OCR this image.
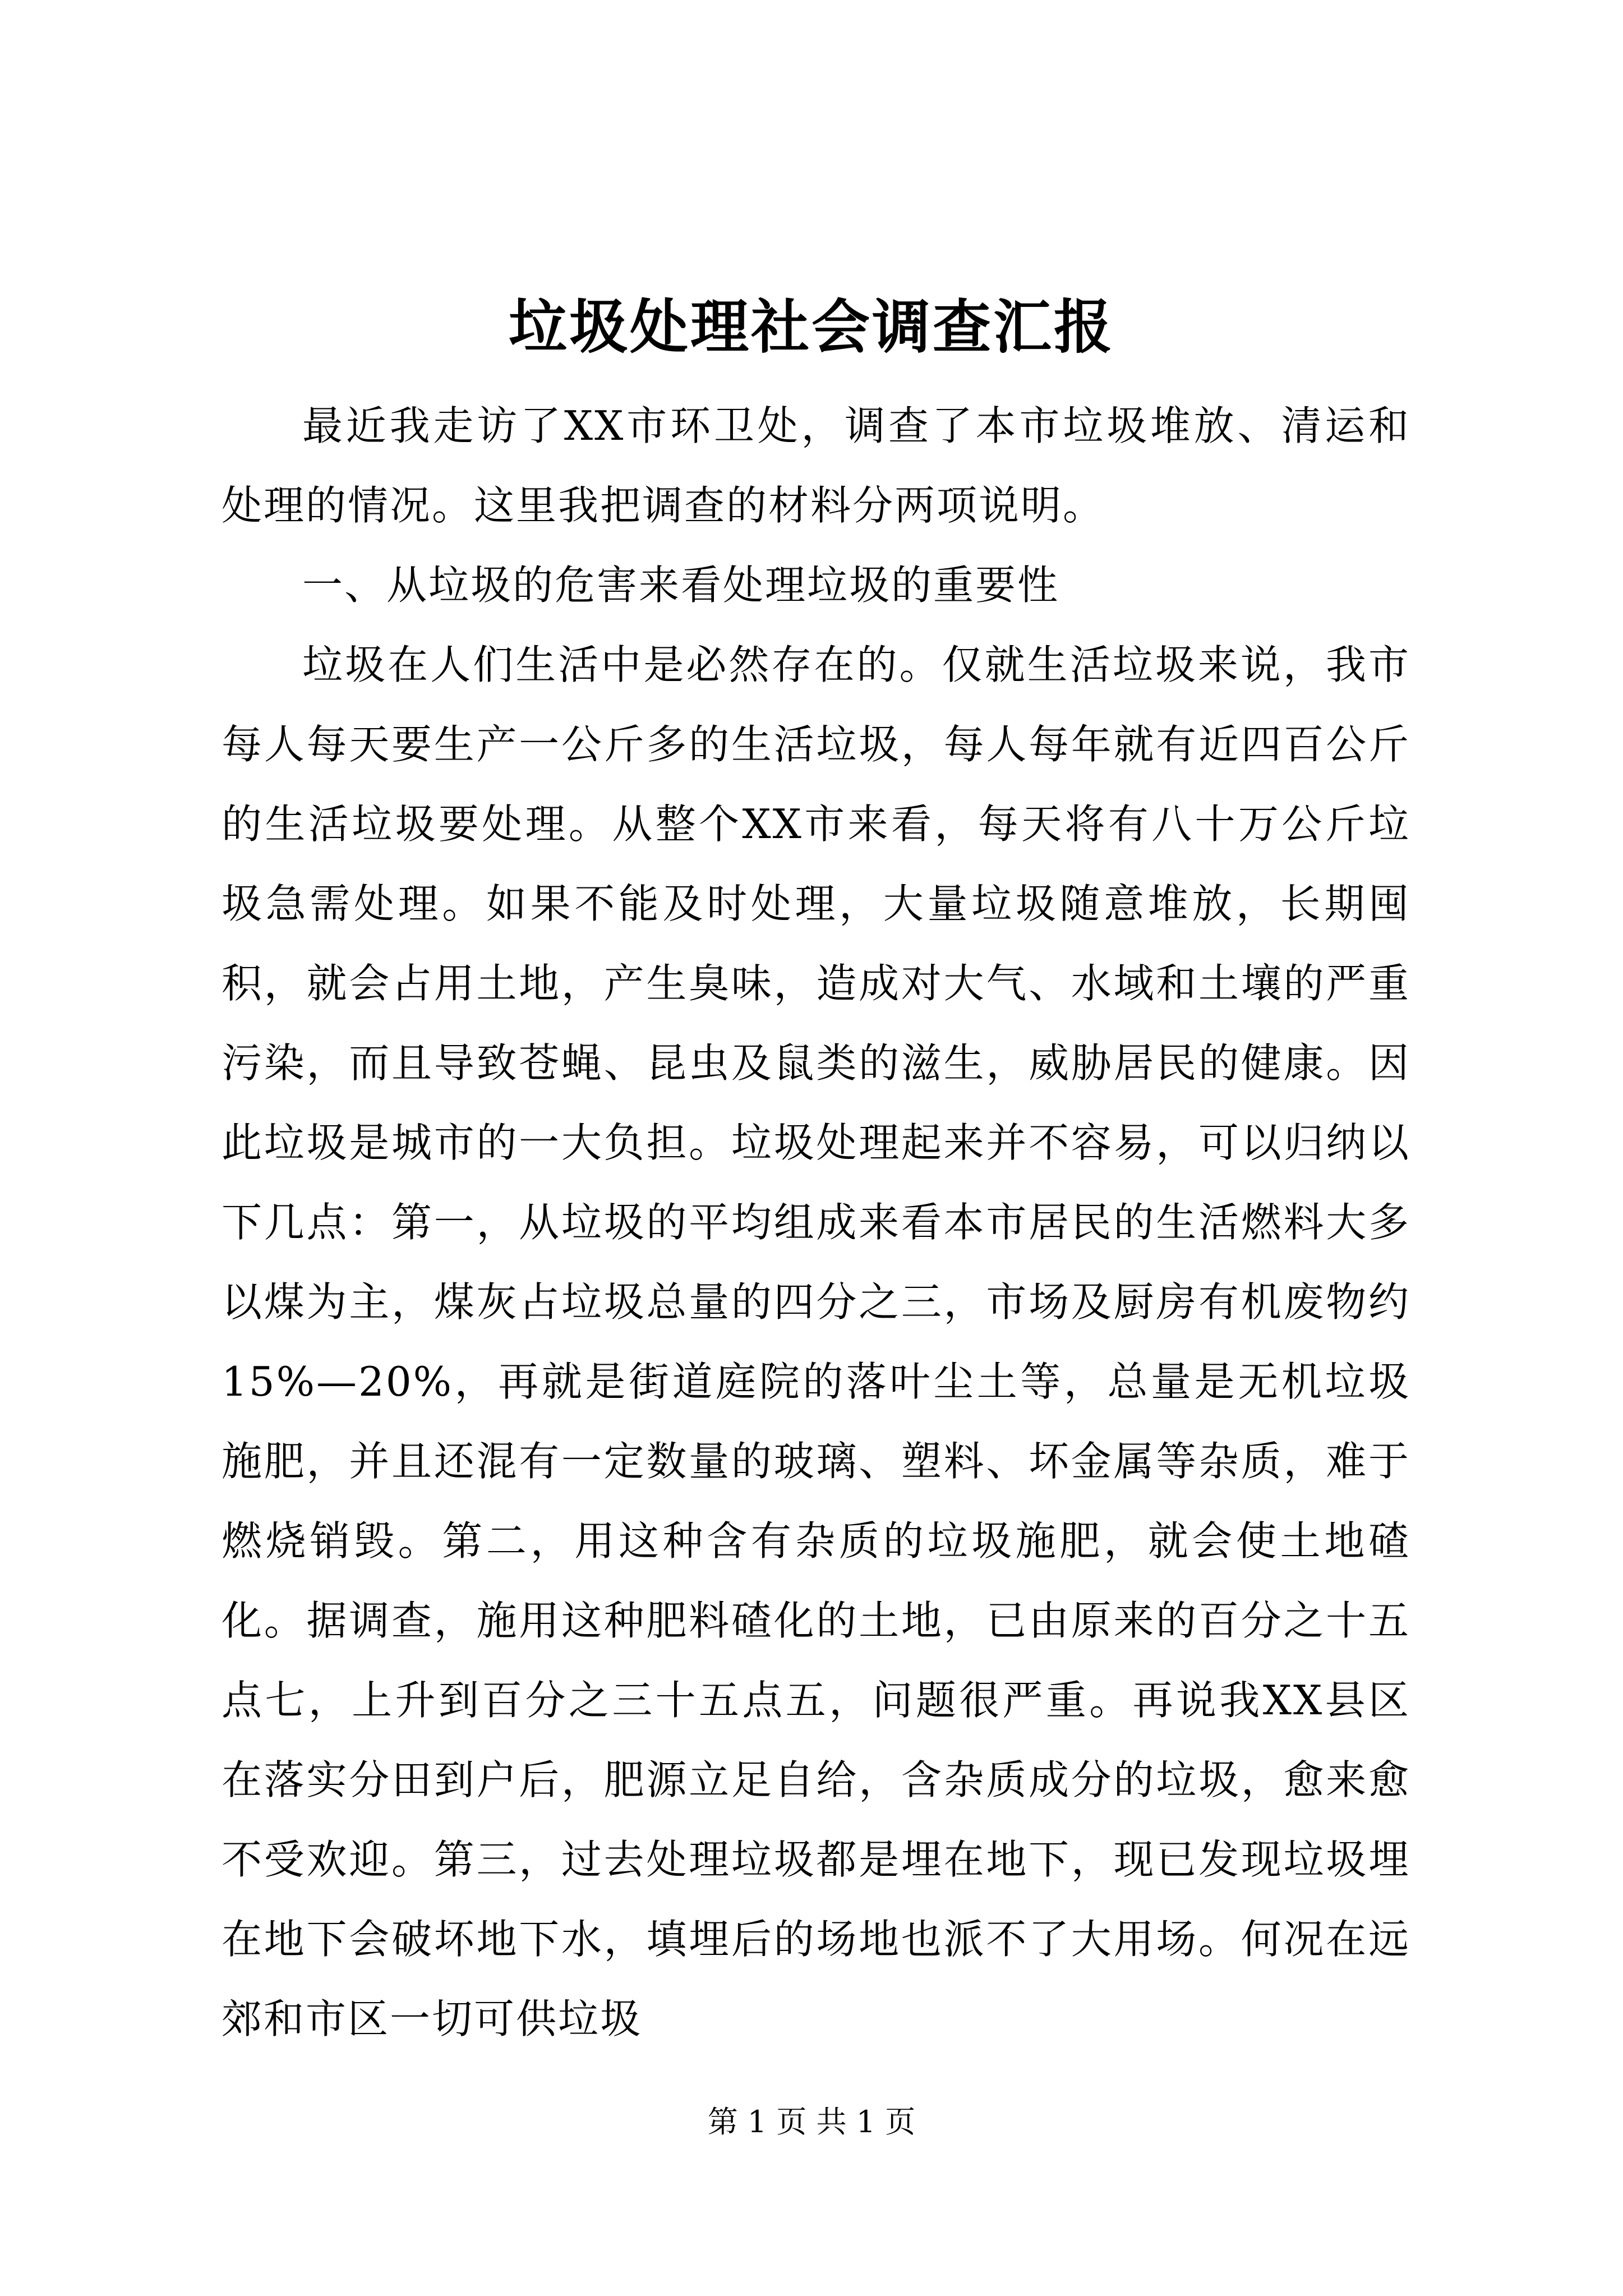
垃圾处理社会调查汇报

最近我走访了XX市环卫处，调查了本市垃圾堆放、清运和处理的情况。这里我把调查的材料分两项说明。

一、从垃圾的危害来看处理垃圾的重要性

垃圾在人们生活中是必然存在的。仅就生活垃圾来说，我市每人每天要生产一公斤多的生活垃圾，每人每年就有近四百公斤的生活垃圾要处理。从整个XX市来看，每天将有八十万公斤垃圾急需处理。如果不能及时处理，大量垃圾随意堆放，长期囤积，就会占用土地，产生臭味，造成对大气、水域和土壤的严重污染，而且导致苍蝇、昆虫及鼠类的滋生，威胁居民的健康。因此垃圾是城市的一大负担。垃圾处理起来并不容易，可以归纳以下几点：第一，从垃圾的平均组成来看本市居民的生活燃料大多以煤为主，煤灰占垃圾总量的四分之三，市场及厨房有机废物约15%—20%，再就是街道庭院的落叶尘土等，总量是无机垃圾施肥，并且还混有一定数量的玻璃、塑料、坏金属等杂质，难于燃烧销毁。第二，用这种含有杂质的垃圾施肥，就会使土地碴化。据调查，施用这种肥料碴化的土地，已由原来的百分之十五点七，上升到百分之三十五点五，问题很严重。再说我XX县区在落实分田到户后，肥源立足自给，含杂质成分的垃圾，愈来愈不受欢迎。第三，过去处理垃圾都是埋在地下，现已发现垃圾埋在地下会破坏地下水，填埋后的场地也派不了大用场。何况在远郊和市区一切可供垃圾

第 1 页 共 1 页
